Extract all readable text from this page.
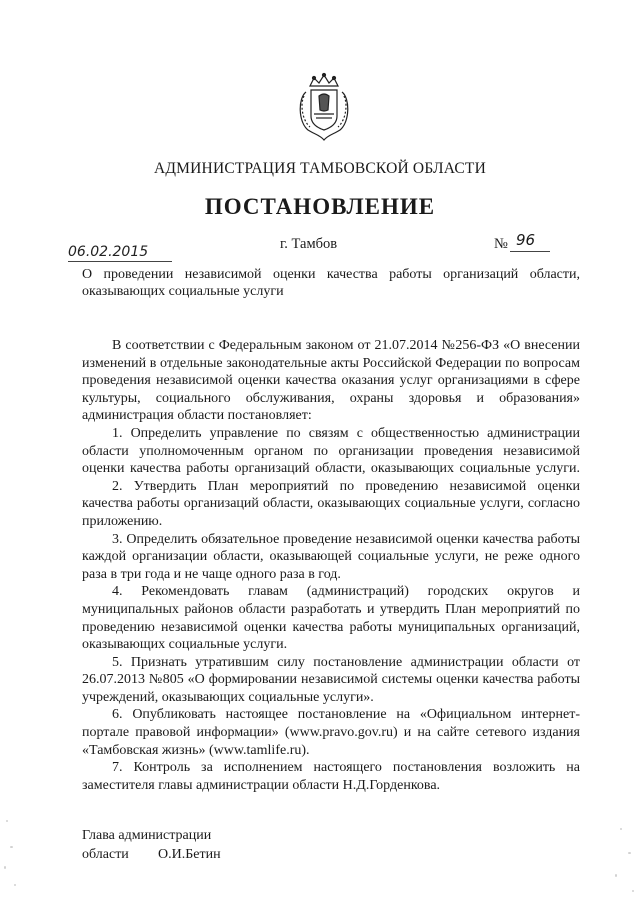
АДМИНИСТРАЦИЯ ТАМБОВСКОЙ ОБЛАСТИ
ПОСТАНОВЛЕНИЕ
06.02.2015	г. Тамбов	№ 96
О проведении независимой оценки качества работы организаций области,
оказывающих социальные услуги

В соответствии с Федеральным законом от 21.07.2014 №256-ФЗ «О внесении изменений в отдельные законодательные акты Российской Федерации по вопросам проведения независимой оценки качества оказания услуг организациями в сфере культуры, социального обслуживания, охраны здоровья и образования» администрация области постановляет:

1. Определить управление по связям с общественностью администрации области уполномоченным органом по организации проведения независимой оценки качества работы организаций области, оказывающих социальные услуги.

2. Утвердить План мероприятий по проведению независимой оценки качества работы организаций области, оказывающих социальные услуги, согласно приложению.

3. Определить обязательное проведение независимой оценки качества работы каждой организации области, оказывающей социальные услуги, не реже одного раза в три года и не чаще одного раза в год.

4. Рекомендовать главам (администраций) городских округов и муниципальных районов области разработать и утвердить План мероприятий по проведению независимой оценки качества работы муниципальных организаций, оказывающих социальные услуги.

5. Признать утратившим силу постановление администрации области от 26.07.2013 №805 «О формировании независимой системы оценки качества работы учреждений, оказывающих социальные услуги».

6. Опубликовать настоящее постановление на «Официальном интернет-портале правовой информации» (www.pravo.gov.ru) и на сайте сетевого издания «Тамбовская жизнь» (www.tamlife.ru).

7. Контроль за исполнением настоящего постановления возложить на заместителя главы администрации области Н.Д.Горденкова.

Глава администрации
области О.И.Бетин
